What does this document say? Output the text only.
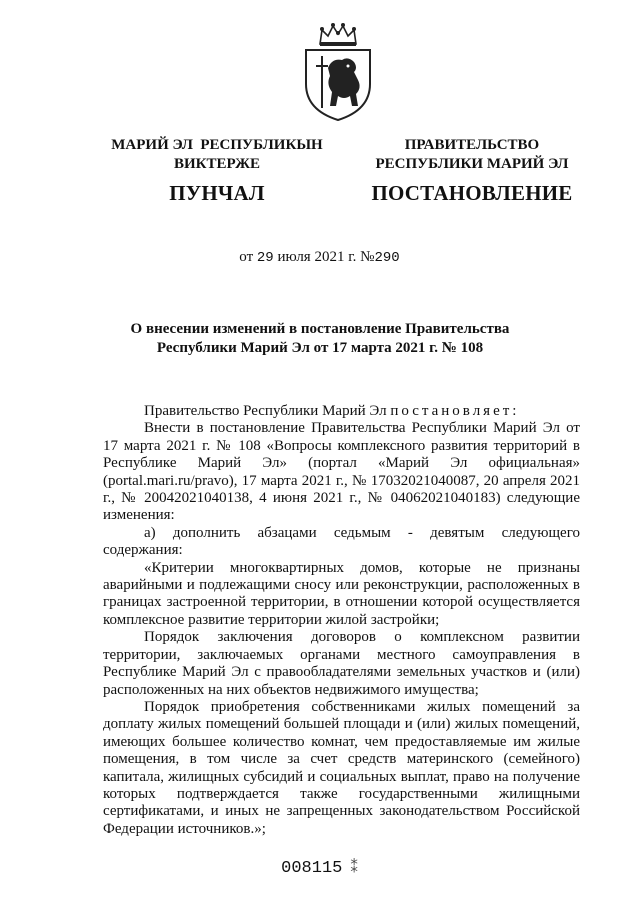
МАРИЙ ЭЛ  РЕСПУБЛИКЫН
ВИКТЕРЖЕ
ПУНЧАЛ
ПРАВИТЕЛЬСТВО
РЕСПУБЛИКИ МАРИЙ ЭЛ
ПОСТАНОВЛЕНИЕ
от 29 июля 2021 г. №290
О внесении изменений в постановление Правительства
Республики Марий Эл от 17 марта 2021 г. № 108

Правительство Республики Марий Эл постановляет:

Внести в постановление Правительства Республики Марий Эл от 17 марта 2021 г. № 108 «Вопросы комплексного развития территорий в Республике Марий Эл» (портал «Марий Эл официальная» (portal.mari.ru/pravo), 17 марта 2021 г., № 17032021040087, 20 апреля 2021 г., № 20042021040138, 4 июня 2021 г., № 04062021040183) следующие изменения:

а) дополнить абзацами седьмым - девятым следующего содержания:

«Критерии многоквартирных домов, которые не признаны аварийными и подлежащими сносу или реконструкции, расположенных в границах застроенной территории, в отношении которой осуществляется комплексное развитие территории жилой застройки;

Порядок заключения договоров о комплексном развитии территории, заключаемых органами местного самоуправления в Республике Марий Эл с правообладателями земельных участков и (или) расположенных на них объектов недвижимого имущества;

Порядок приобретения собственниками жилых помещений за доплату жилых помещений большей площади и (или) жилых помещений, имеющих большее количество комнат, чем предоставляемые им жилые помещения, в том числе за счет средств материнского (семейного) капитала, жилищных субсидий и социальных выплат, право на получение которых подтверждается также государственными жилищными сертификатами, и иных не запрещенных законодательством Российской Федерации источников.»;

008115 ⁑
